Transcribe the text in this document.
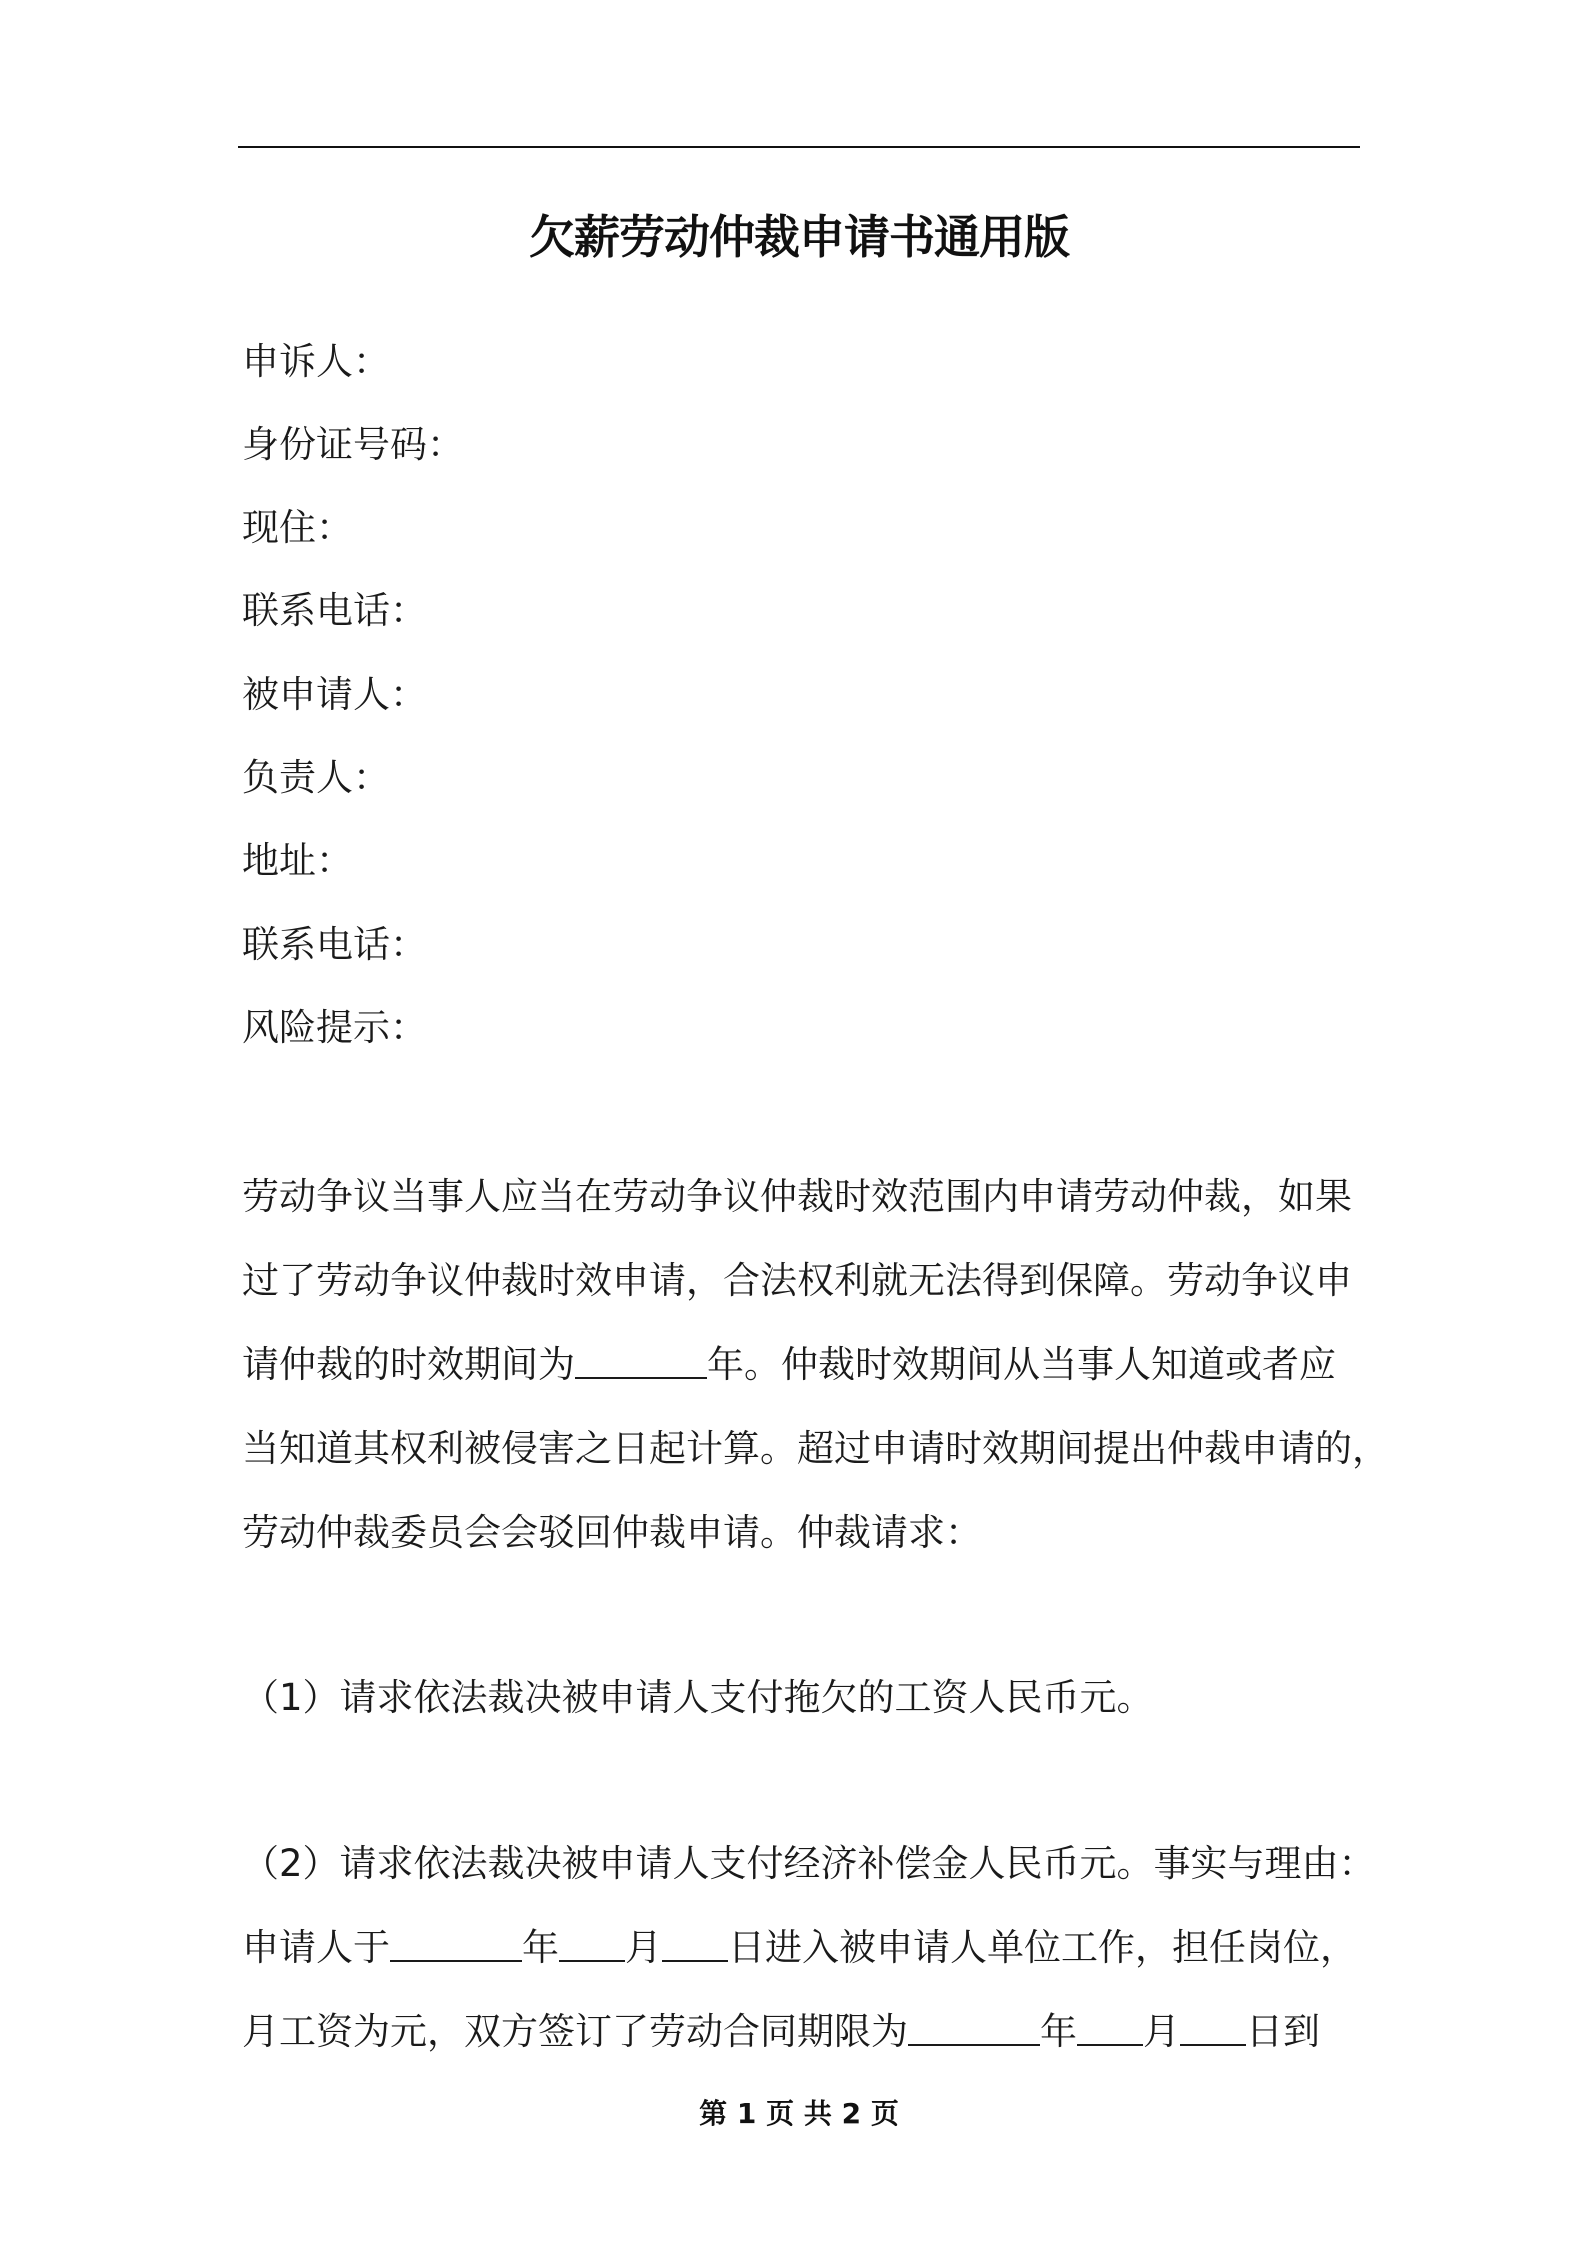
欠薪劳动仲裁申请书通用版
申诉人：
身份证号码：
现住：
联系电话：
被申请人：
负责人：
地址：
联系电话：
风险提示：
劳动争议当事人应当在劳动争议仲裁时效范围内申请劳动仲裁，如果
过了劳动争议仲裁时效申请，合法权利就无法得到保障。劳动争议申
请仲裁的时效期间为	年。仲裁时效期间从当事人知道或者应
当知道其权利被侵害之日起计算。超过申请时效期间提出仲裁申请的，
劳动仲裁委员会会驳回仲裁申请。仲裁请求：
（1）请求依法裁决被申请人支付拖欠的工资人民币元。
（2）请求依法裁决被申请人支付经济补偿金人民币元。事实与理由：
申请人于	年 月 日进入被申请人单位工作，担任岗位，
月工资为元，双方签订了劳动合同期限为	年 月 日到
第 1 页 共 2 页
